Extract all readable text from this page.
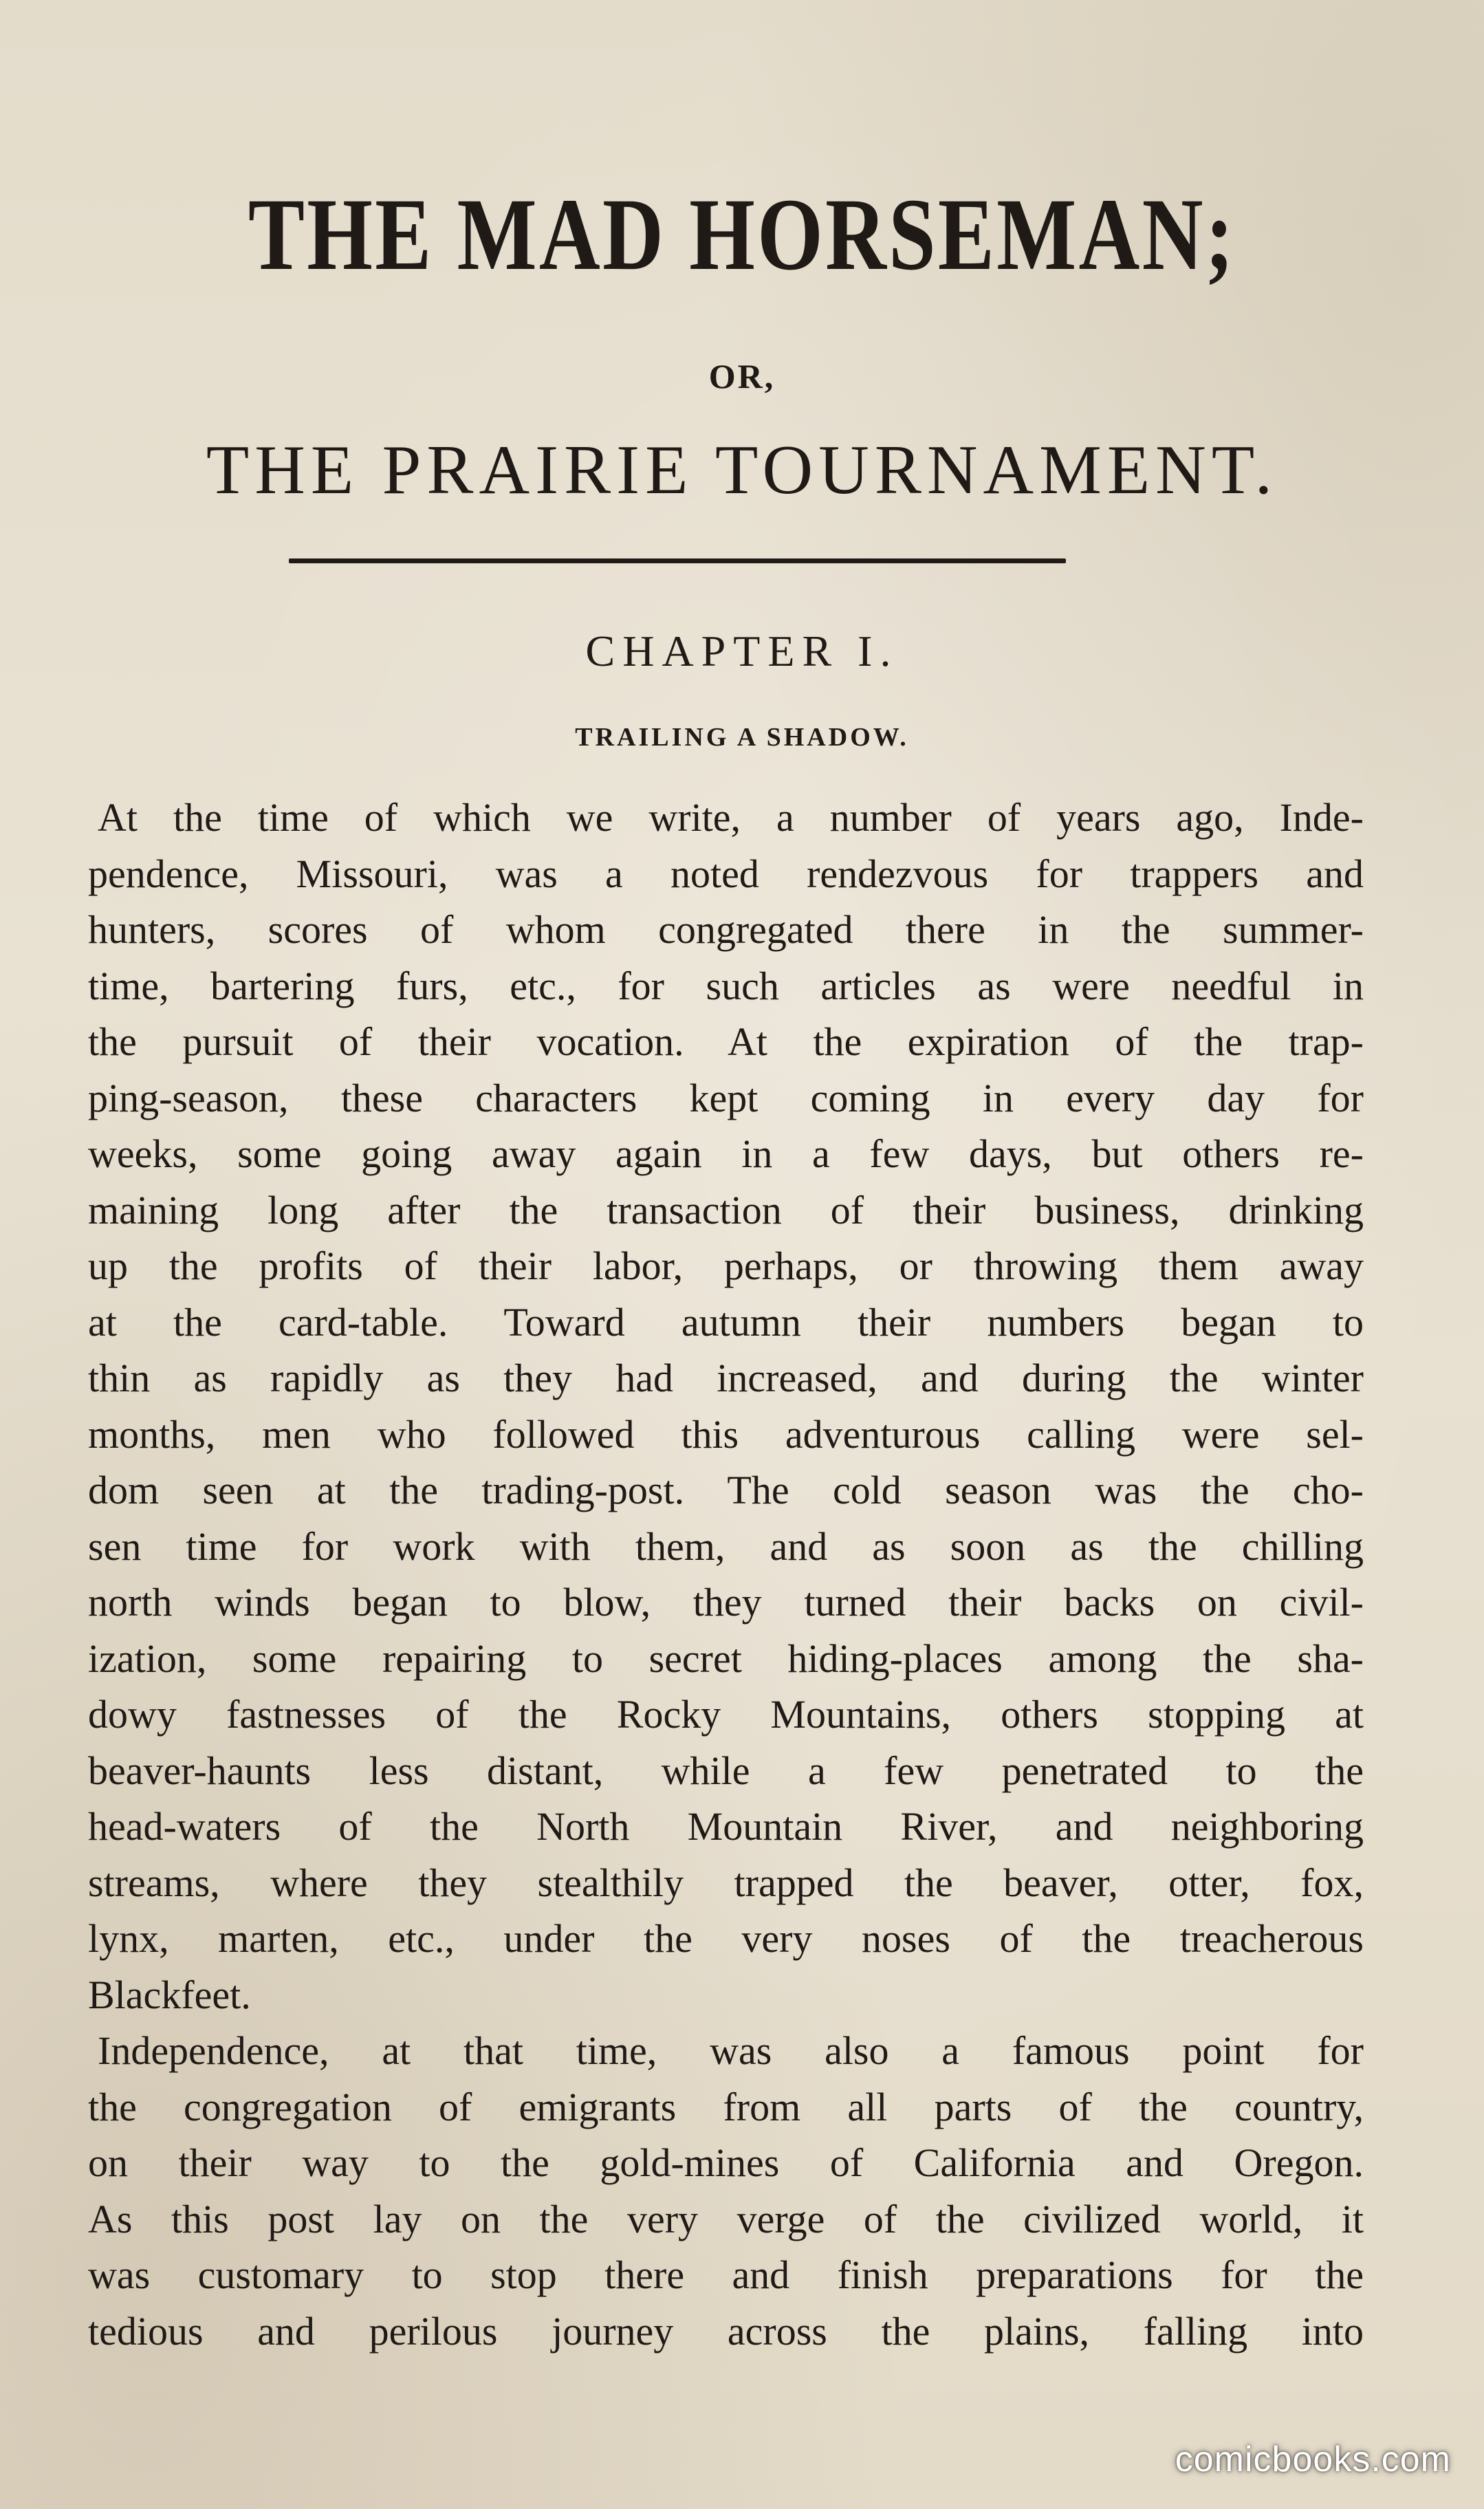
THE MAD HORSEMAN;
OR,
THE PRAIRIE TOURNAMENT.
CHAPTER I.
TRAILING A SHADOW.

At the time of which we write, a number of years ago, Inde-
pendence, Missouri, was a noted rendezvous for trappers and
hunters, scores of whom congregated there in the summer-
time, bartering furs, etc., for such articles as were needful in
the pursuit of their vocation. At the expiration of the trap-
ping-season, these characters kept coming in every day for
weeks, some going away again in a few days, but others re-
maining long after the transaction of their business, drinking
up the profits of their labor, perhaps, or throwing them away
at the card-table. Toward autumn their numbers began to
thin as rapidly as they had increased, and during the winter
months, men who followed this adventurous calling were sel-
dom seen at the trading-post. The cold season was the cho-
sen time for work with them, and as soon as the chilling
north winds began to blow, they turned their backs on civil-
ization, some repairing to secret hiding-places among the sha-
dowy fastnesses of the Rocky Mountains, others stopping at
beaver-haunts less distant, while a few penetrated to the
head-waters of the North Mountain River, and neighboring
streams, where they stealthily trapped the beaver, otter, fox,
lynx, marten, etc., under the very noses of the treacherous
Blackfeet.

Independence, at that time, was also a famous point for
the congregation of emigrants from all parts of the country,
on their way to the gold-mines of California and Oregon.
As this post lay on the very verge of the civilized world, it
was customary to stop there and finish preparations for the
tedious and perilous journey across the plains, falling into

comicbooks.com
